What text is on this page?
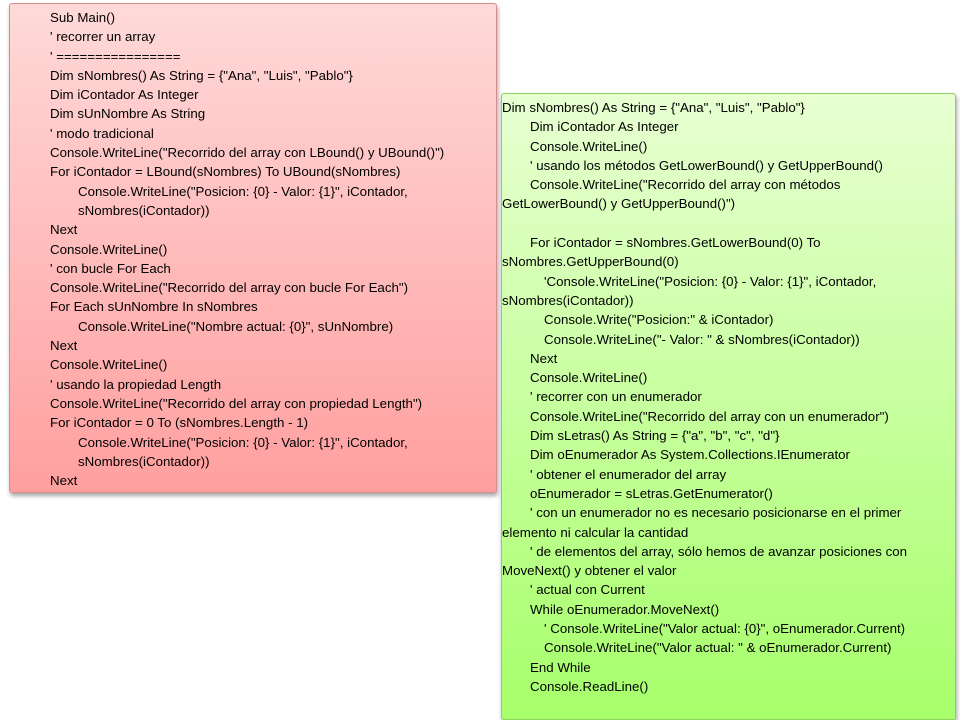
Sub Main()
' recorrer un array
' ================
Dim sNombres() As String = {"Ana", "Luis", "Pablo"}
Dim iContador As Integer
Dim sUnNombre As String
' modo tradicional
Console.WriteLine("Recorrido del array con LBound() y UBound()")
For iContador = LBound(sNombres) To UBound(sNombres)
Console.WriteLine("Posicion: {0} - Valor: {1}", iContador,
sNombres(iContador))
Next
Console.WriteLine()
' con bucle For Each
Console.WriteLine("Recorrido del array con bucle For Each")
For Each sUnNombre In sNombres
Console.WriteLine("Nombre actual: {0}", sUnNombre)
Next
Console.WriteLine()
' usando la propiedad Length
Console.WriteLine("Recorrido del array con propiedad Length")
For iContador = 0 To (sNombres.Length - 1)
Console.WriteLine("Posicion: {0} - Valor: {1}", iContador,
sNombres(iContador))
Next
Dim sNombres() As String = {"Ana", "Luis", "Pablo"}
Dim iContador As Integer
Console.WriteLine()
' usando los métodos GetLowerBound() y GetUpperBound()
Console.WriteLine("Recorrido del array con métodos GetLowerBound() y GetUpperBound()")

For iContador = sNombres.GetLowerBound(0) To sNombres.GetUpperBound(0)
'Console.WriteLine("Posicion: {0} - Valor: {1}", iContador, sNombres(iContador))
Console.Write("Posicion:" & iContador)
Console.WriteLine("- Valor: " & sNombres(iContador))
Next
Console.WriteLine()
' recorrer con un enumerador
Console.WriteLine("Recorrido del array con un enumerador")
Dim sLetras() As String = {"a", "b", "c", "d"}
Dim oEnumerador As System.Collections.IEnumerator
' obtener el enumerador del array
oEnumerador = sLetras.GetEnumerator()
' con un enumerador no es necesario posicionarse en el primer elemento ni calcular la cantidad
' de elementos del array, sólo hemos de avanzar posiciones con MoveNext() y obtener el valor
' actual con Current
While oEnumerador.MoveNext()
' Console.WriteLine("Valor actual: {0}", oEnumerador.Current)
Console.WriteLine("Valor actual: " & oEnumerador.Current)
End While
Console.ReadLine()
